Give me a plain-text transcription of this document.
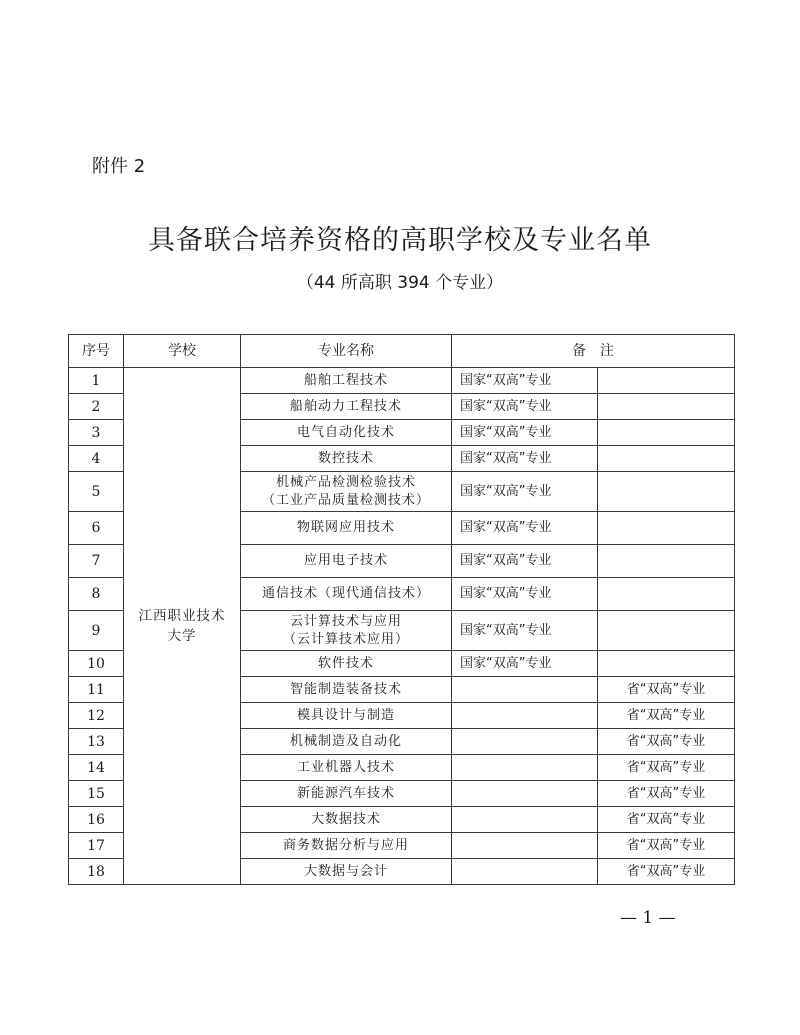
附件 2
具备联合培养资格的高职学校及专业名单
（44 所高职 394 个专业）
序号	学校	专业名称	备　注	
1	江西职业技术
大学	船舶工程技术	国家“双高”专业	
2		船舶动力工程技术	国家“双高”专业	
3		电气自动化技术	国家“双高”专业	
4		数控技术	国家“双高”专业	
5		机械产品检测检验技术
（工业产品质量检测技术）	国家“双高”专业	
6		物联网应用技术	国家“双高”专业	
7		应用电子技术	国家“双高”专业	
8		通信技术（现代通信技术）	国家“双高”专业	
9		云计算技术与应用
（云计算技术应用）	国家“双高”专业	
10		软件技术	国家“双高”专业	
11		智能制造装备技术		省“双高”专业
12		模具设计与制造		省“双高”专业
13		机械制造及自动化		省“双高”专业
14		工业机器人技术		省“双高”专业
15		新能源汽车技术		省“双高”专业
16		大数据技术		省“双高”专业
17		商务数据分析与应用		省“双高”专业
18		大数据与会计		省“双高”专业
— 1 —
